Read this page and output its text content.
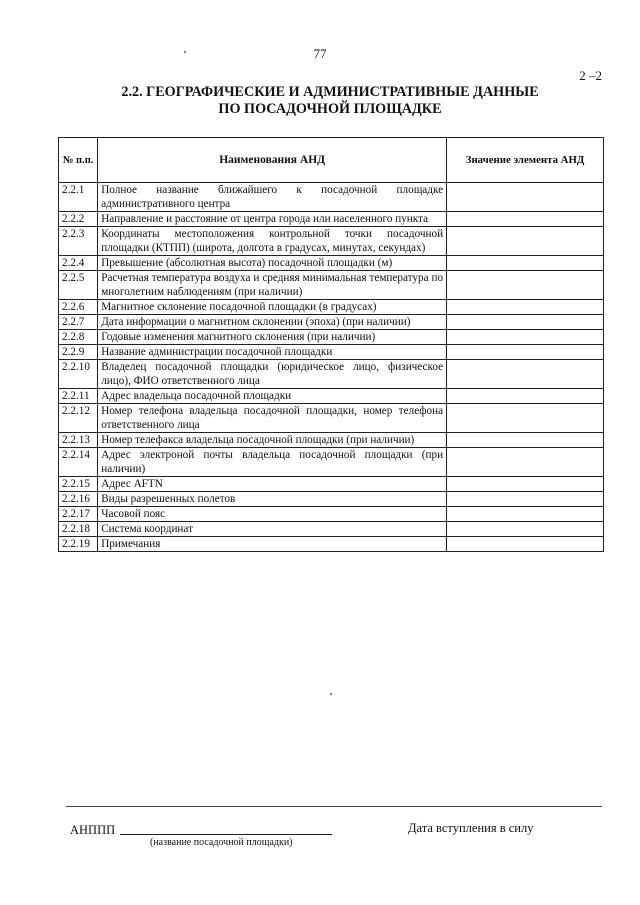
77
2 –2
2.2. ГЕОГРАФИЧЕСКИЕ И АДМИНИСТРАТИВНЫЕ ДАННЫЕ
ПО ПОСАДОЧНОЙ ПЛОЩАДКЕ
№ п.п.	Наименования АНД	Значение элемента АНД
2.2.1	Полное название ближайшего к посадочной площадке административного центра	
2.2.2	Направление и расстояние от центра города или населенного пункта	
2.2.3	Координаты местоположения контрольной точки посадочной площадки (КТПП) (широта, долгота в градусах, минутах, секундах)	
2.2.4	Превышение (абсолютная высота) посадочной площадки (м)	
2.2.5	Расчетная температура воздуха и средняя минимальная температура по многолетним наблюдениям (при наличии)	
2.2.6	Магнитное склонение посадочной площадки (в градусах)	
2.2.7	Дата информации о магнитном склонении (эпоха) (при наличии)	
2.2.8	Годовые изменения магнитного склонения (при наличии)	
2.2.9	Название администрации посадочной площадки	
2.2.10	Владелец посадочной площадки (юридическое лицо, физическое лицо), ФИО ответственного лица	
2.2.11	Адрес владельца посадочной площадки	
2.2.12	Номер телефона владельца посадочной площадки, номер телефона ответственного лица	
2.2.13	Номер телефакса владельца посадочной площадки (при наличии)	
2.2.14	Адрес электроной почты владельца посадочной площадки (при наличии)	
2.2.15	Адрес AFTN	
2.2.16	Виды разрешенных полетов	
2.2.17	Часовой пояс	
2.2.18	Система координат	
2.2.19	Примечания	
АНППП
(название посадочной площадки)
Дата вступления в силу
